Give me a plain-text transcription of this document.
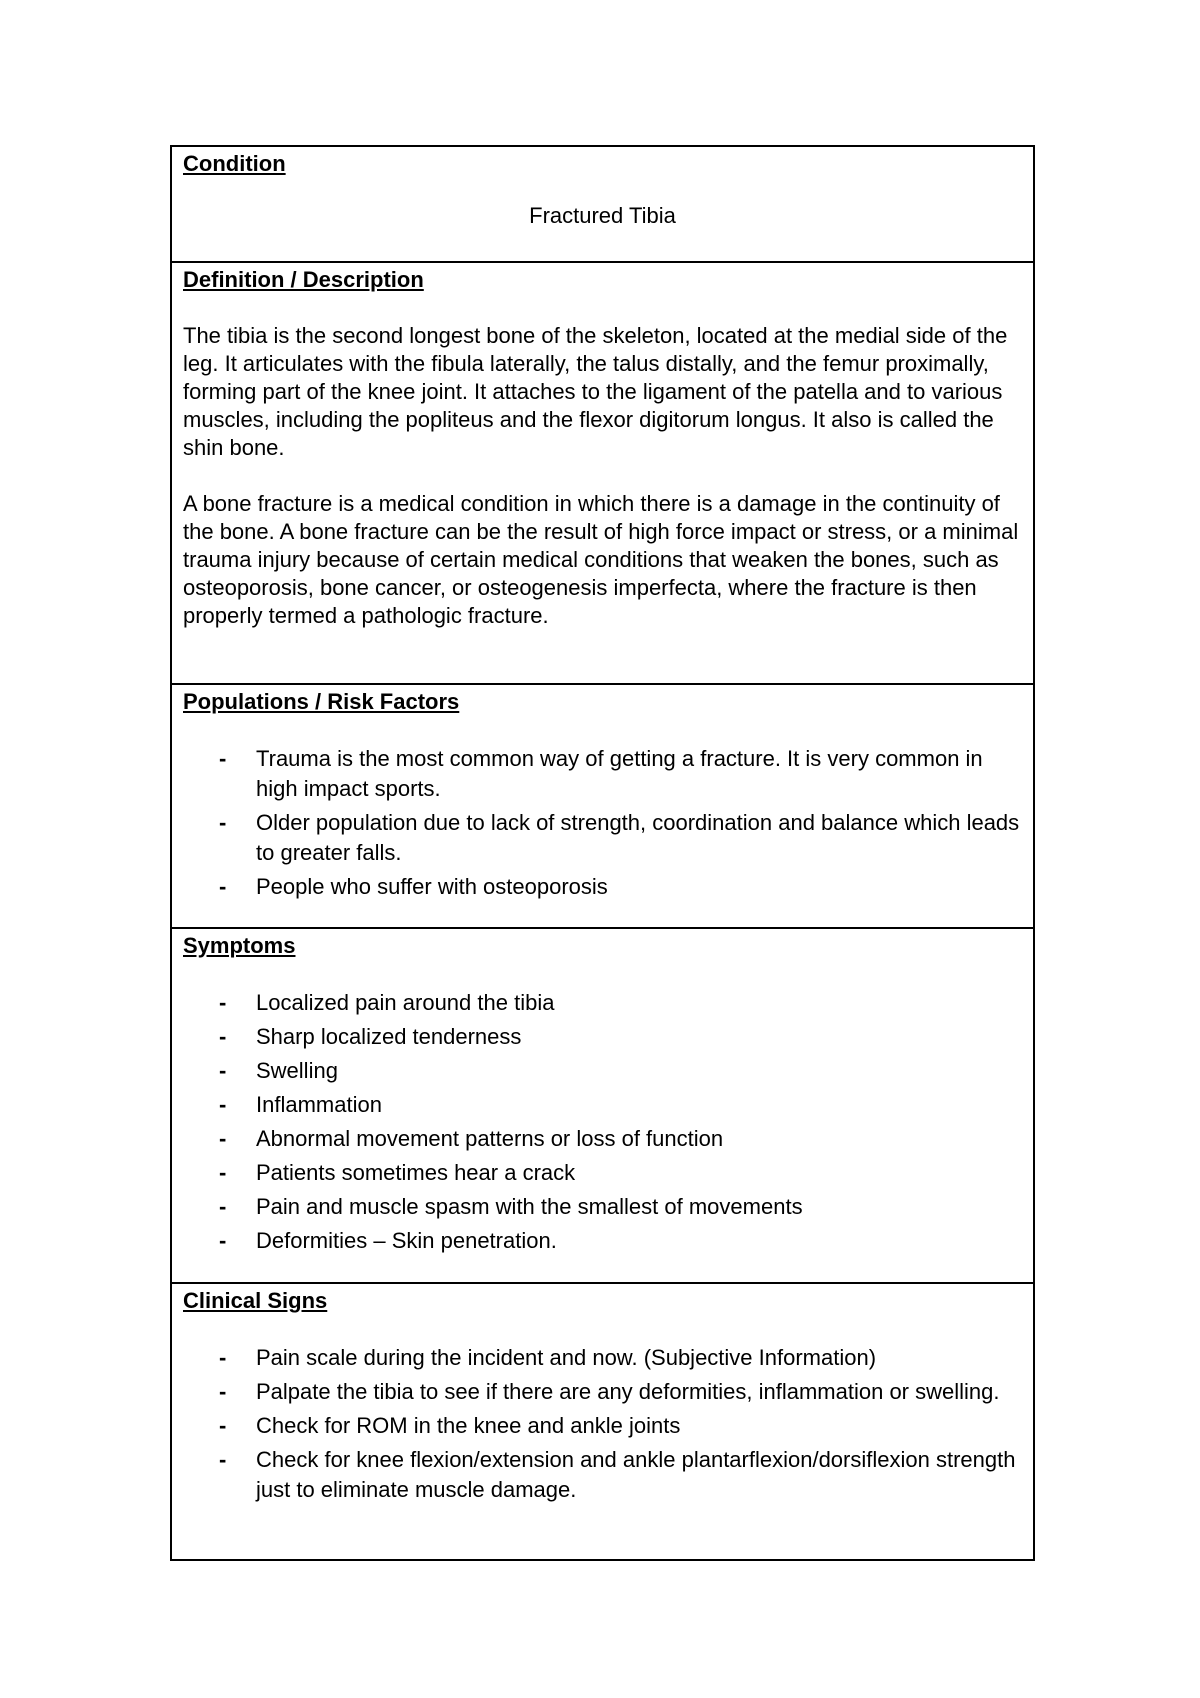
Condition

Fractured Tibia

Definition / Description

The tibia is the second longest bone of the skeleton, located at the medial side of the leg. It articulates with the fibula laterally, the talus distally, and the femur proximally, forming part of the knee joint. It attaches to the ligament of the patella and to various muscles, including the popliteus and the flexor digitorum longus. It also is called the shin bone.

A bone fracture is a medical condition in which there is a damage in the continuity of the bone. A bone fracture can be the result of high force impact or stress, or a minimal trauma injury because of certain medical conditions that weaken the bones, such as osteoporosis, bone cancer, or osteogenesis imperfecta, where the fracture is then properly termed a pathologic fracture.

Populations / Risk Factors

- Trauma is the most common way of getting a fracture. It is very common in high impact sports.
- Older population due to lack of strength, coordination and balance which leads to greater falls.
- People who suffer with osteoporosis

Symptoms

- Localized pain around the tibia
- Sharp localized tenderness
- Swelling
- Inflammation
- Abnormal movement patterns or loss of function
- Patients sometimes hear a crack
- Pain and muscle spasm with the smallest of movements
- Deformities – Skin penetration.

Clinical Signs

- Pain scale during the incident and now. (Subjective Information)
- Palpate the tibia to see if there are any deformities, inflammation or swelling.
- Check for ROM in the knee and ankle joints
- Check for knee flexion/extension and ankle plantarflexion/dorsiflexion strength just to eliminate muscle damage.
